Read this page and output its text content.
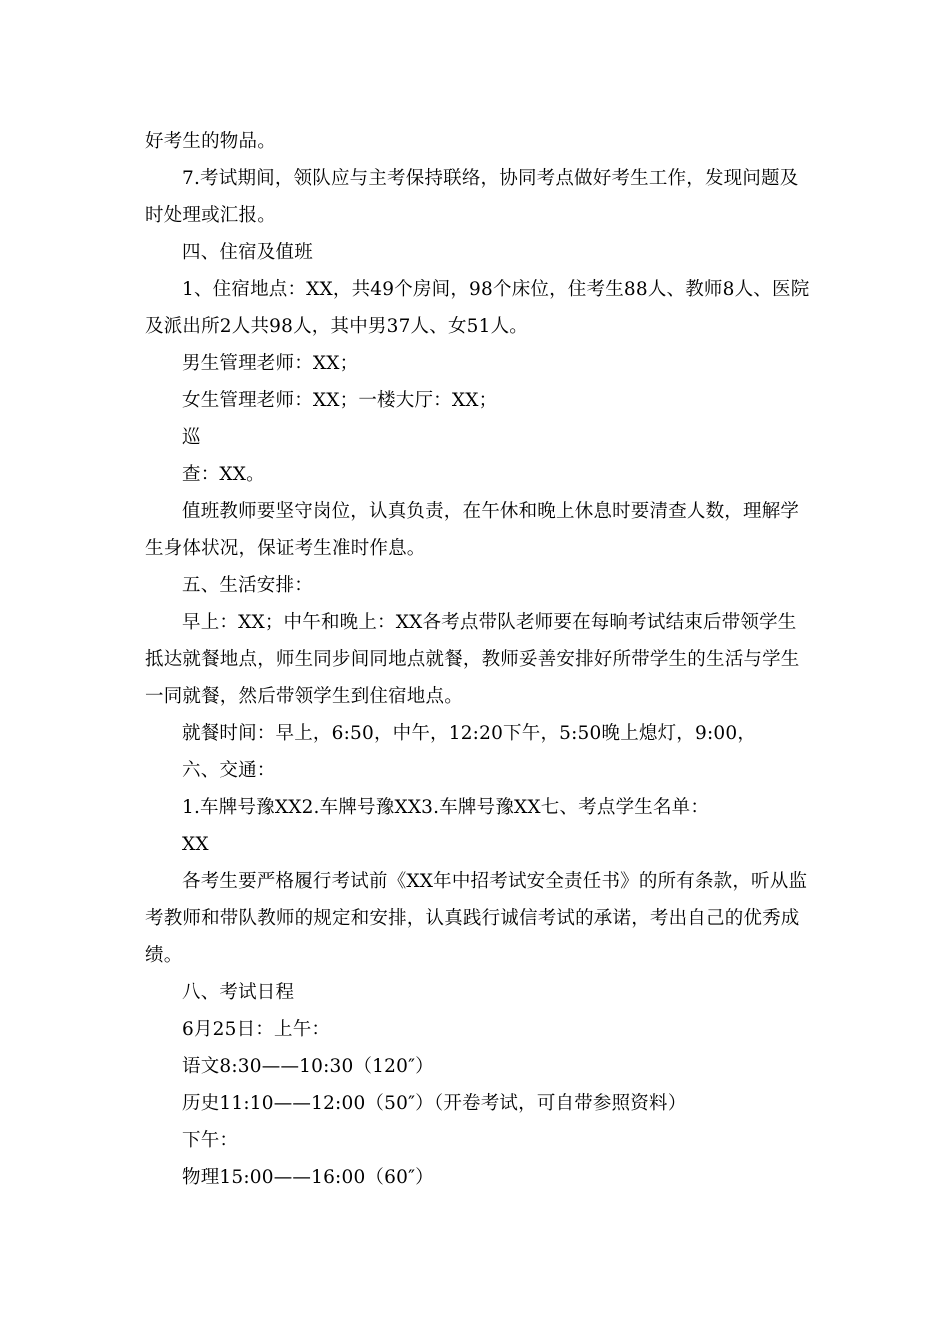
好考生的物品。

7.考试期间，领队应与主考保持联络，协同考点做好考生工作，发现问题及时处理或汇报。

四、住宿及值班

1、住宿地点：XX，共49个房间，98个床位，住考生88人、教师8人、医院及派出所2人共98人，其中男37人、女51人。

男生管理老师：XX；

女生管理老师：XX；一楼大厅：XX；

巡

查：XX。

值班教师要坚守岗位，认真负责，在午休和晚上休息时要清查人数，理解学生身体状况，保证考生准时作息。

五、生活安排：

早上：XX；中午和晚上：XX各考点带队老师要在每晌考试结束后带领学生抵达就餐地点，师生同步间同地点就餐，教师妥善安排好所带学生的生活与学生一同就餐，然后带领学生到住宿地点。

就餐时间：早上，6:50，中午，12:20下午，5:50晚上熄灯，9:00，

六、交通：

1.车牌号豫XX2.车牌号豫XX3.车牌号豫XX七、考点学生名单：

XX

各考生要严格履行考试前《XX年中招考试安全责任书》的所有条款，听从监考教师和带队教师的规定和安排，认真践行诚信考试的承诺，考出自己的优秀成绩。

八、考试日程

6月25日：上午：

语文8:30——10:30（120″）

历史11:10——12:00（50″）（开卷考试，可自带参照资料）

下午：

物理15:00——16:00（60″）
